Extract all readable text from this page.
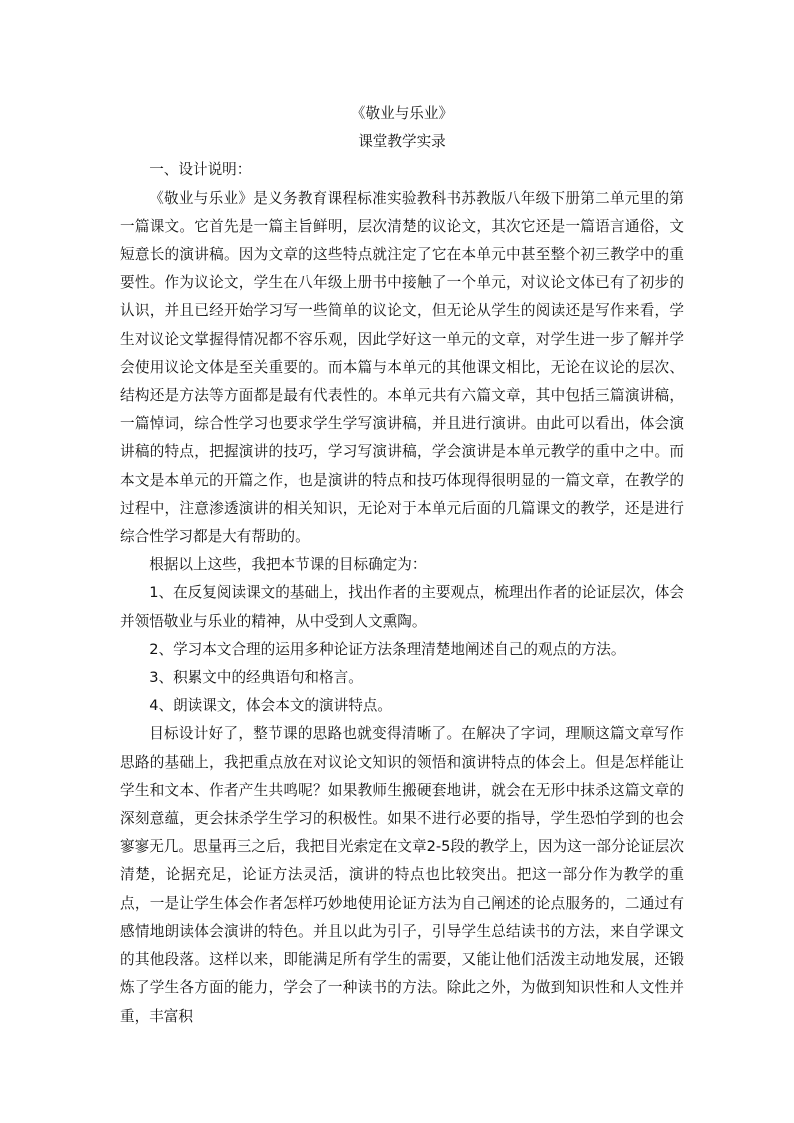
《敬业与乐业》

课堂教学实录

一、设计说明：

《敬业与乐业》是义务教育课程标准实验教科书苏教版八年级下册第二单元里的第一篇课文。它首先是一篇主旨鲜明，层次清楚的议论文，其次它还是一篇语言通俗，文短意长的演讲稿。因为文章的这些特点就注定了它在本单元中甚至整个初三教学中的重要性。作为议论文，学生在八年级上册书中接触了一个单元，对议论文体已有了初步的认识，并且已经开始学习写一些简单的议论文，但无论从学生的阅读还是写作来看，学生对议论文掌握得情况都不容乐观，因此学好这一单元的文章，对学生进一步了解并学会使用议论文体是至关重要的。而本篇与本单元的其他课文相比，无论在议论的层次、结构还是方法等方面都是最有代表性的。本单元共有六篇文章，其中包括三篇演讲稿，一篇悼词，综合性学习也要求学生学写演讲稿，并且进行演讲。由此可以看出，体会演讲稿的特点，把握演讲的技巧，学习写演讲稿，学会演讲是本单元教学的重中之中。而本文是本单元的开篇之作，也是演讲的特点和技巧体现得很明显的一篇文章，在教学的过程中，注意渗透演讲的相关知识，无论对于本单元后面的几篇课文的教学，还是进行综合性学习都是大有帮助的。

根据以上这些，我把本节课的目标确定为：

1、在反复阅读课文的基础上，找出作者的主要观点，梳理出作者的论证层次，体会并领悟敬业与乐业的精神，从中受到人文熏陶。

2、学习本文合理的运用多种论证方法条理清楚地阐述自己的观点的方法。

3、积累文中的经典语句和格言。

4、朗读课文，体会本文的演讲特点。

目标设计好了，整节课的思路也就变得清晰了。在解决了字词，理顺这篇文章写作思路的基础上，我把重点放在对议论文知识的领悟和演讲特点的体会上。但是怎样能让学生和文本、作者产生共鸣呢？如果教师生搬硬套地讲，就会在无形中抹杀这篇文章的深刻意蕴，更会抹杀学生学习的积极性。如果不进行必要的指导，学生恐怕学到的也会寥寥无几。思量再三之后，我把目光索定在文章2-5段的教学上，因为这一部分论证层次清楚，论据充足，论证方法灵活，演讲的特点也比较突出。把这一部分作为教学的重点，一是让学生体会作者怎样巧妙地使用论证方法为自己阐述的论点服务的，二通过有感情地朗读体会演讲的特色。并且以此为引子，引导学生总结读书的方法，来自学课文的其他段落。这样以来，即能满足所有学生的需要，又能让他们活泼主动地发展，还锻炼了学生各方面的能力，学会了一种读书的方法。除此之外，为做到知识性和人文性并重，丰富积
